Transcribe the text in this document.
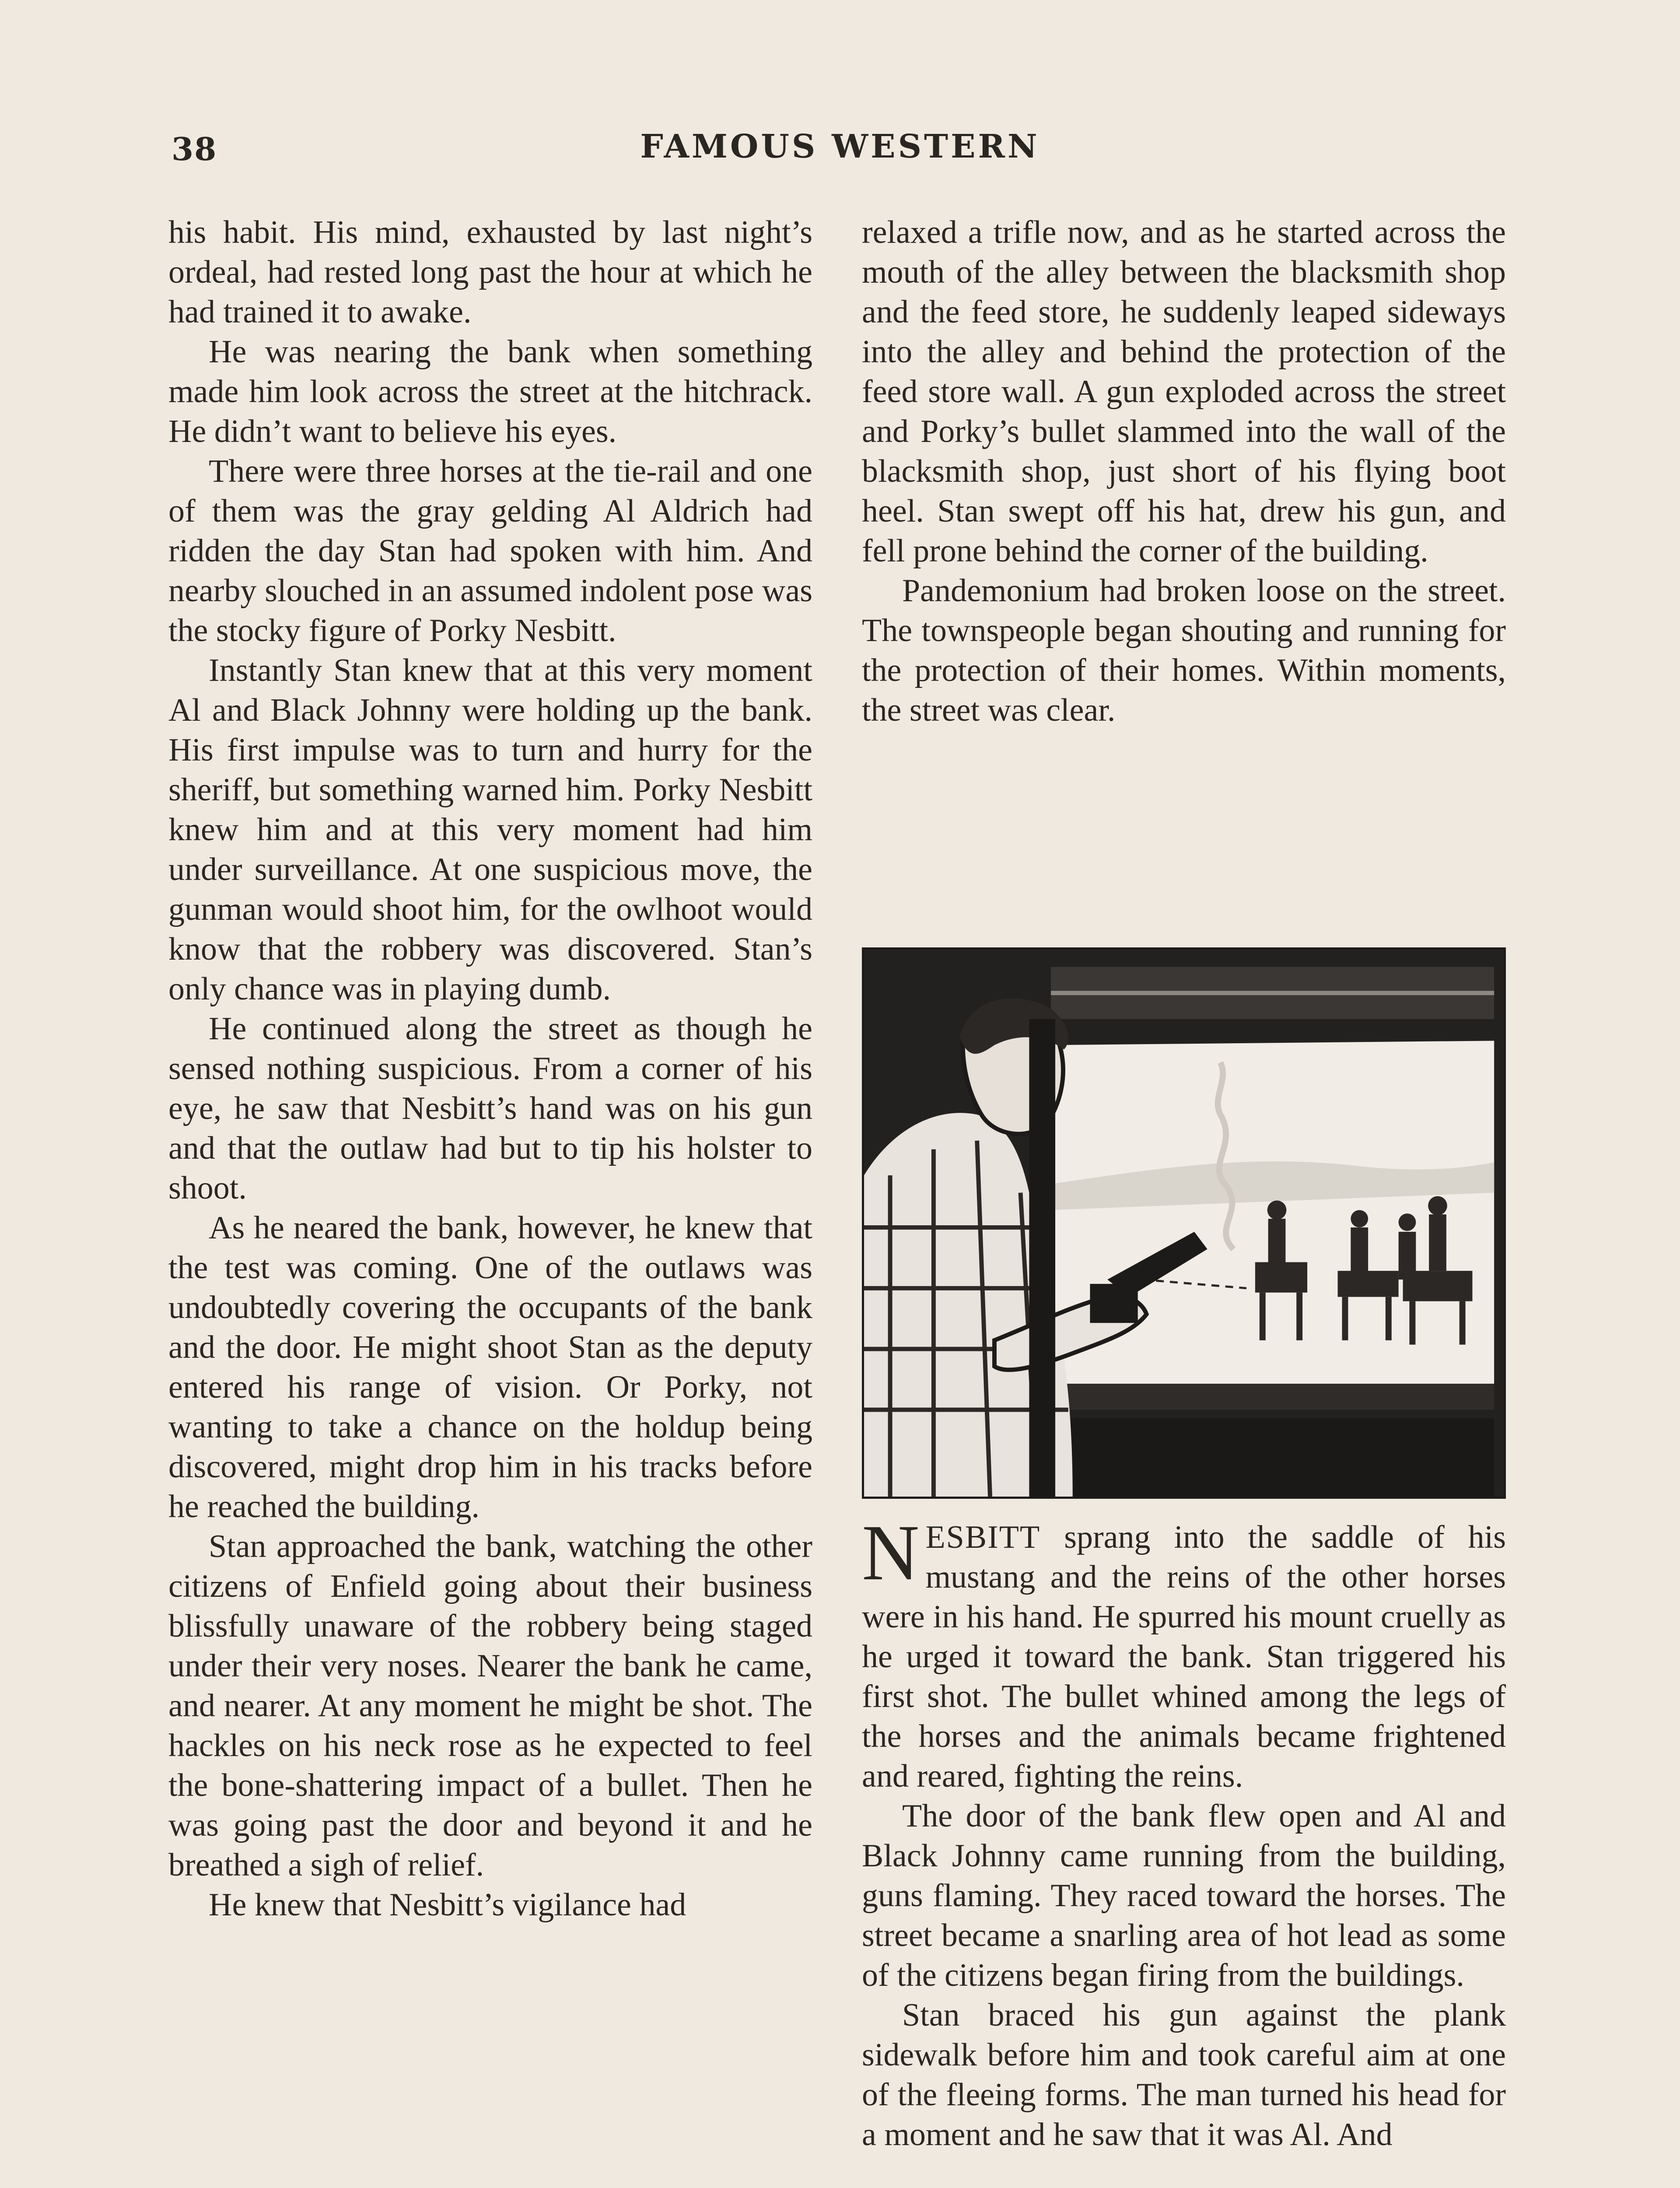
38	FAMOUS WESTERN

his habit. His mind, exhausted by last night’s ordeal, had rested long past the hour at which he had trained it to awake.

He was nearing the bank when something made him look across the street at the hitchrack. He didn’t want to believe his eyes.

There were three horses at the tie-rail and one of them was the gray gelding Al Aldrich had ridden the day Stan had spoken with him. And nearby slouched in an assumed indolent pose was the stocky figure of Porky Nesbitt.

Instantly Stan knew that at this very moment Al and Black Johnny were holding up the bank. His first impulse was to turn and hurry for the sheriff, but something warned him. Porky Nesbitt knew him and at this very moment had him under surveillance. At one suspicious move, the gunman would shoot him, for the owlhoot would know that the robbery was discovered. Stan’s only chance was in playing dumb.

He continued along the street as though he sensed nothing suspicious. From a corner of his eye, he saw that Nesbitt’s hand was on his gun and that the outlaw had but to tip his holster to shoot.

As he neared the bank, however, he knew that the test was coming. One of the outlaws was undoubtedly covering the occupants of the bank and the door. He might shoot Stan as the deputy entered his range of vision. Or Porky, not wanting to take a chance on the holdup being discovered, might drop him in his tracks before he reached the building.

Stan approached the bank, watching the other citizens of Enfield going about their business blissfully unaware of the robbery being staged under their very noses. Nearer the bank he came, and nearer. At any moment he might be shot. The hackles on his neck rose as he expected to feel the bone-shattering impact of a bullet. Then he was going past the door and beyond it and he breathed a sigh of relief.

He knew that Nesbitt’s vigilance had

relaxed a trifle now, and as he started across the mouth of the alley between the blacksmith shop and the feed store, he suddenly leaped sideways into the alley and behind the protection of the feed store wall. A gun exploded across the street and Porky’s bullet slammed into the wall of the blacksmith shop, just short of his flying boot heel. Stan swept off his hat, drew his gun, and fell prone behind the corner of the building.

Pandemonium had broken loose on the street. The townspeople began shouting and running for the protection of their homes. Within moments, the street was clear.

NESBITT sprang into the saddle of his mustang and the reins of the other horses were in his hand. He spurred his mount cruelly as he urged it toward the bank. Stan triggered his first shot. The bullet whined among the legs of the horses and the animals became frightened and reared, fighting the reins.

The door of the bank flew open and Al and Black Johnny came running from the building, guns flaming. They raced toward the horses. The street became a snarling area of hot lead as some of the citizens began firing from the buildings.

Stan braced his gun against the plank sidewalk before him and took careful aim at one of the fleeing forms. The man turned his head for a moment and he saw that it was Al. And
